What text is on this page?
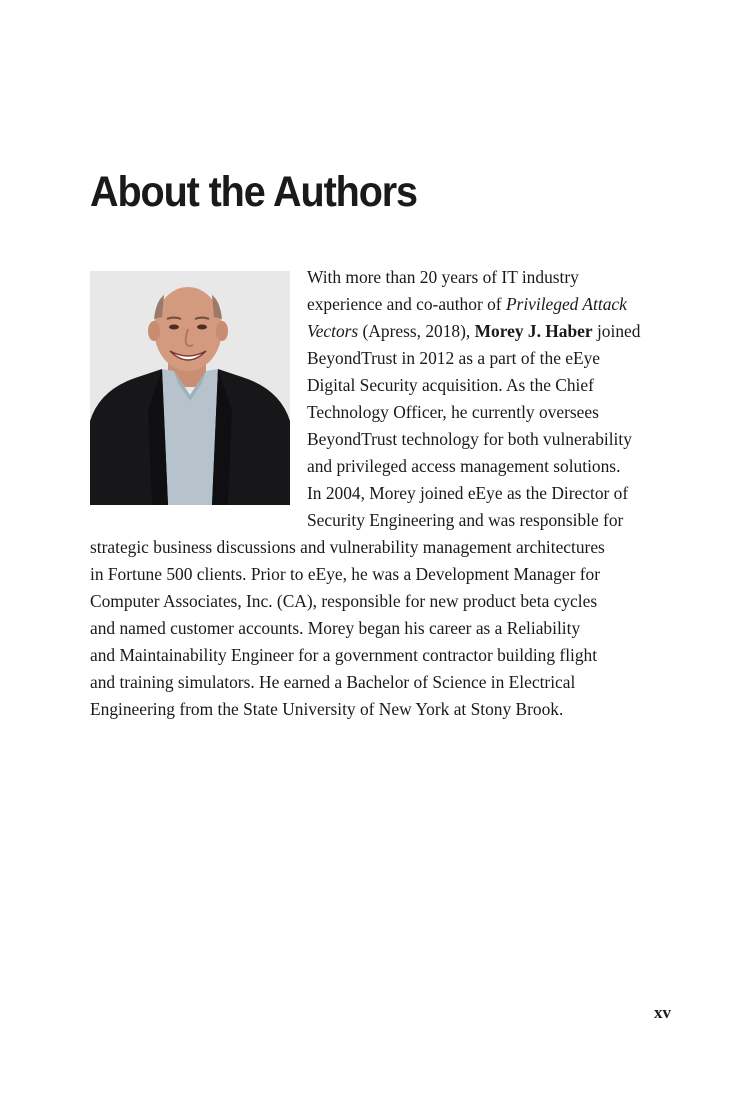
About the Authors
With more than 20 years of IT industry
experience and co-author of Privileged Attack
Vectors (Apress, 2018), Morey J. Haber joined
BeyondTrust in 2012 as a part of the eEye
Digital Security acquisition. As the Chief
Technology Officer, he currently oversees
BeyondTrust technology for both vulnerability
and privileged access management solutions.
In 2004, Morey joined eEye as the Director of
Security Engineering and was responsible for
strategic business discussions and vulnerability management architectures
in Fortune 500 clients. Prior to eEye, he was a Development Manager for
Computer Associates, Inc. (CA), responsible for new product beta cycles
and named customer accounts. Morey began his career as a Reliability
and Maintainability Engineer for a government contractor building flight
and training simulators. He earned a Bachelor of Science in Electrical
Engineering from the State University of New York at Stony Brook.
xv
